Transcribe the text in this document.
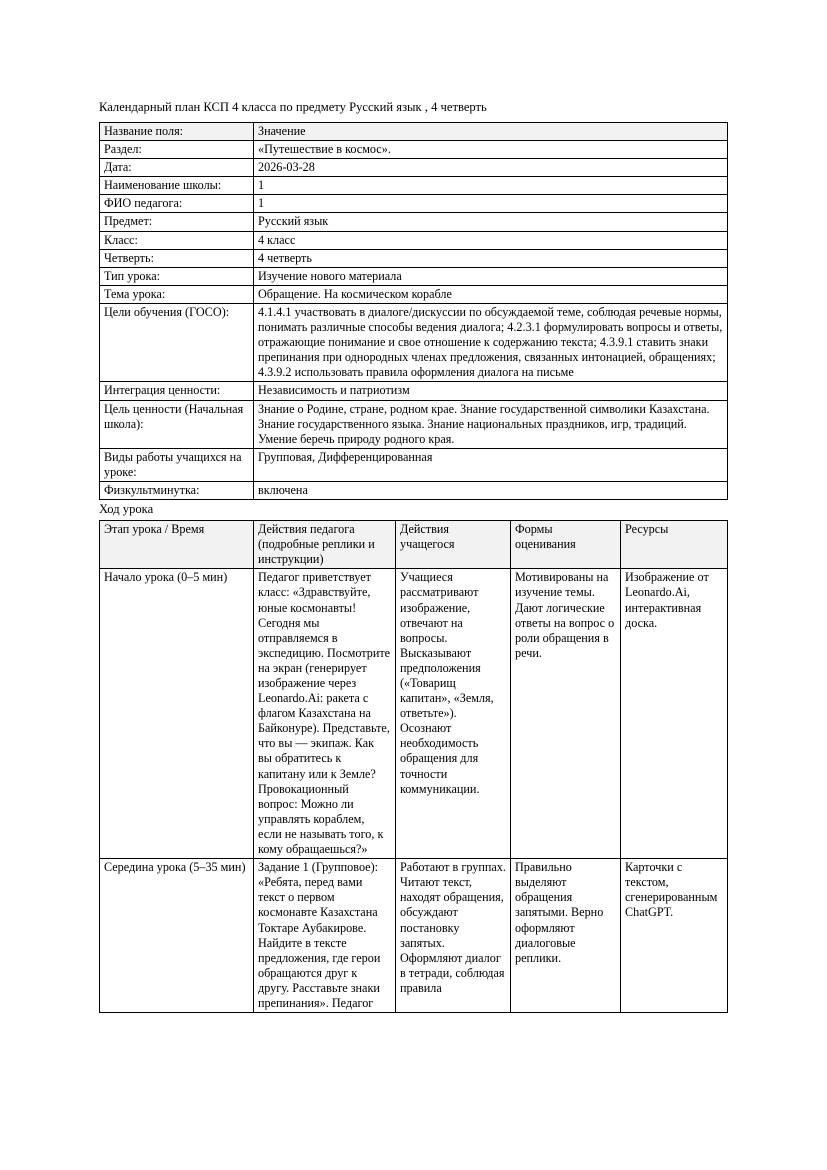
Календарный план КСП 4 класса по предмету Русский язык , 4 четверть
Название поля:	Значение
Раздел:	«Путешествие в космос».
Дата:	2026-03-28
Наименование школы:	1
ФИО педагога:	1
Предмет:	Русский язык
Класс:	4 класс
Четверть:	4 четверть
Тип урока:	Изучение нового материала
Тема урока:	Обращение. На космическом корабле
Цели обучения (ГОСО):	4.1.4.1 участвовать в диалоге/дискуссии по обсуждаемой теме, соблюдая речевые нормы, понимать различные способы ведения диалога; 4.2.3.1 формулировать вопросы и ответы, отражающие понимание и свое отношение к содержанию текста; 4.3.9.1 ставить знаки препинания при однородных членах предложения, связанных интонацией, обращениях; 4.3.9.2 использовать правила оформления диалога на письме
Интеграция ценности:	Независимость и патриотизм
Цель ценности (Начальная школа):	Знание о Родине, стране, родном крае. Знание государственной символики Казахстана. Знание государственного языка. Знание национальных праздников, игр, традиций. Умение беречь природу родного края.
Виды работы учащихся на уроке:	Групповая, Дифференцированная
Физкультминутка:	включена
Ход урока
Этап урока / Время	Действия педагога (подробные реплики и инструкции)	Действия учащегося	Формы оценивания	Ресурсы
Начало урока (0–5 мин)	Педагог приветствует класс: «Здравствуйте, юные космонавты! Сегодня мы отправляемся в экспедицию. Посмотрите на экран (генерирует изображение через Leonardo.Ai: ракета с флагом Казахстана на Байконуре). Представьте, что вы — экипаж. Как вы обратитесь к капитану или к Земле? Провокационный вопрос: Можно ли управлять кораблем, если не называть того, к кому обращаешься?»	Учащиеся рассматривают изображение, отвечают на вопросы. Высказывают предположения («Товарищ капитан», «Земля, ответьте»). Осознают необходимость обращения для точности коммуникации.	Мотивированы на изучение темы. Дают логические ответы на вопрос о роли обращения в речи.	Изображение от Leonardo.Ai, интерактивная доска.
Середина урока (5–35 мин)	Задание 1 (Групповое): «Ребята, перед вами текст о первом космонавте Казахстана Токтаре Аубакирове. Найдите в тексте предложения, где герои обращаются друг к другу. Расставьте знаки препинания». Педагог	Работают в группах. Читают текст, находят обращения, обсуждают постановку запятых. Оформляют диалог в тетради, соблюдая правила	Правильно выделяют обращения запятыми. Верно оформляют диалоговые реплики.	Карточки с текстом, сгенерированным ChatGPT.
